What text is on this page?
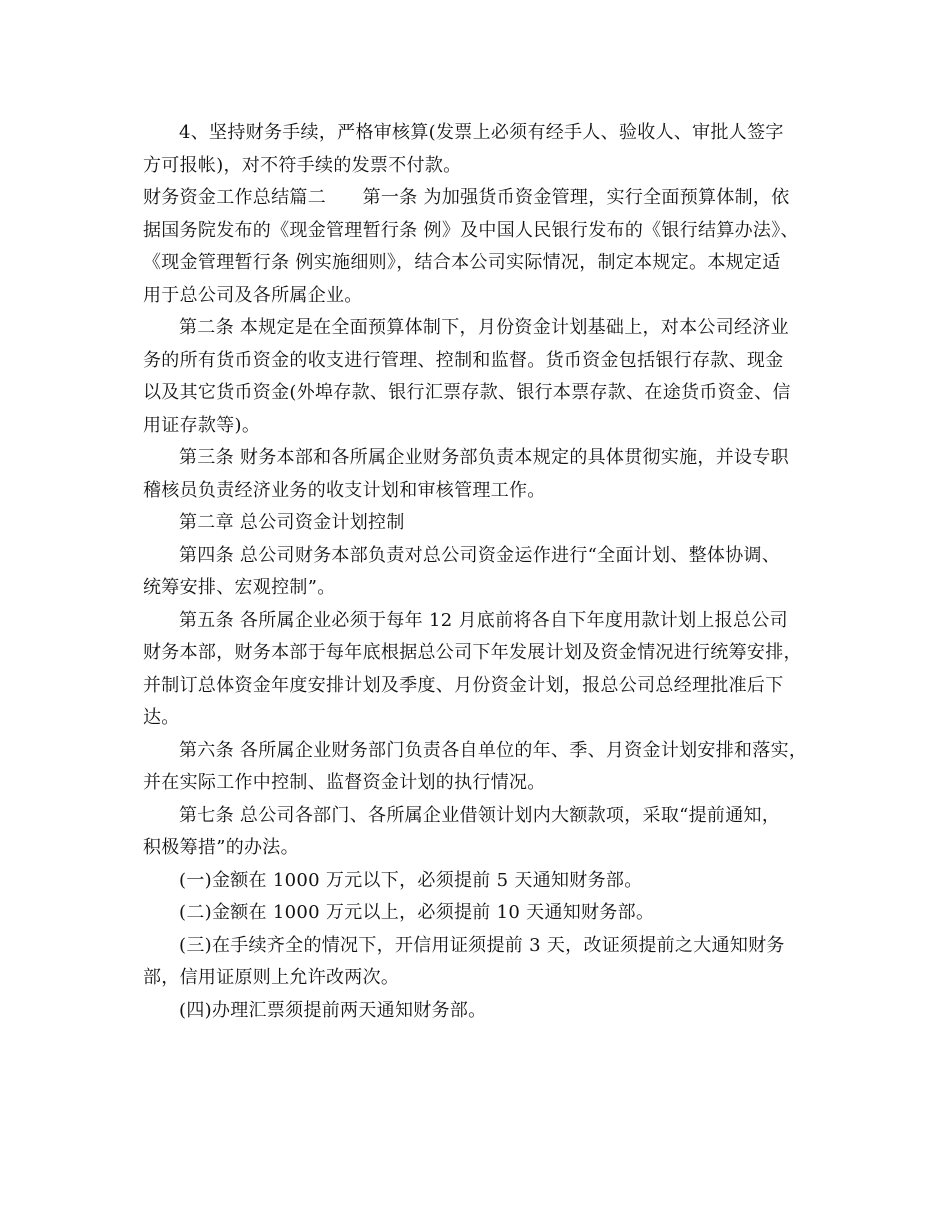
4、坚持财务手续，严格审核算(发票上必须有经手人、验收人、审批人签字
方可报帐)，对不符手续的发票不付款。

财务资金工作总结篇二　　第一条 为加强货币资金管理，实行全面预算体制，依
据国务院发布的《现金管理暂行条 例》及中国人民银行发布的《银行结算办法》、
《现金管理暂行条 例实施细则》，结合本公司实际情况，制定本规定。本规定适
用于总公司及各所属企业。

第二条 本规定是在全面预算体制下，月份资金计划基础上，对本公司经济业
务的所有货币资金的收支进行管理、控制和监督。货币资金包括银行存款、现金
以及其它货币资金(外埠存款、银行汇票存款、银行本票存款、在途货币资金、信
用证存款等)。

第三条 财务本部和各所属企业财务部负责本规定的具体贯彻实施，并设专职
稽核员负责经济业务的收支计划和审核管理工作。

第二章 总公司资金计划控制

第四条 总公司财务本部负责对总公司资金运作进行“全面计划、整体协调、
统筹安排、宏观控制”。

第五条 各所属企业必须于每年 12 月底前将各自下年度用款计划上报总公司
财务本部，财务本部于每年底根据总公司下年发展计划及资金情况进行统筹安排，
并制订总体资金年度安排计划及季度、月份资金计划，报总公司总经理批准后下
达。

第六条 各所属企业财务部门负责各自单位的年、季、月资金计划安排和落实，
并在实际工作中控制、监督资金计划的执行情况。

第七条 总公司各部门、各所属企业借领计划内大额款项，采取“提前通知，
积极筹措”的办法。

(一)金额在 1000 万元以下，必须提前 5 天通知财务部。

(二)金额在 1000 万元以上，必须提前 10 天通知财务部。

(三)在手续齐全的情况下，开信用证须提前 3 天，改证须提前之大通知财务
部，信用证原则上允许改两次。

(四)办理汇票须提前两天通知财务部。
